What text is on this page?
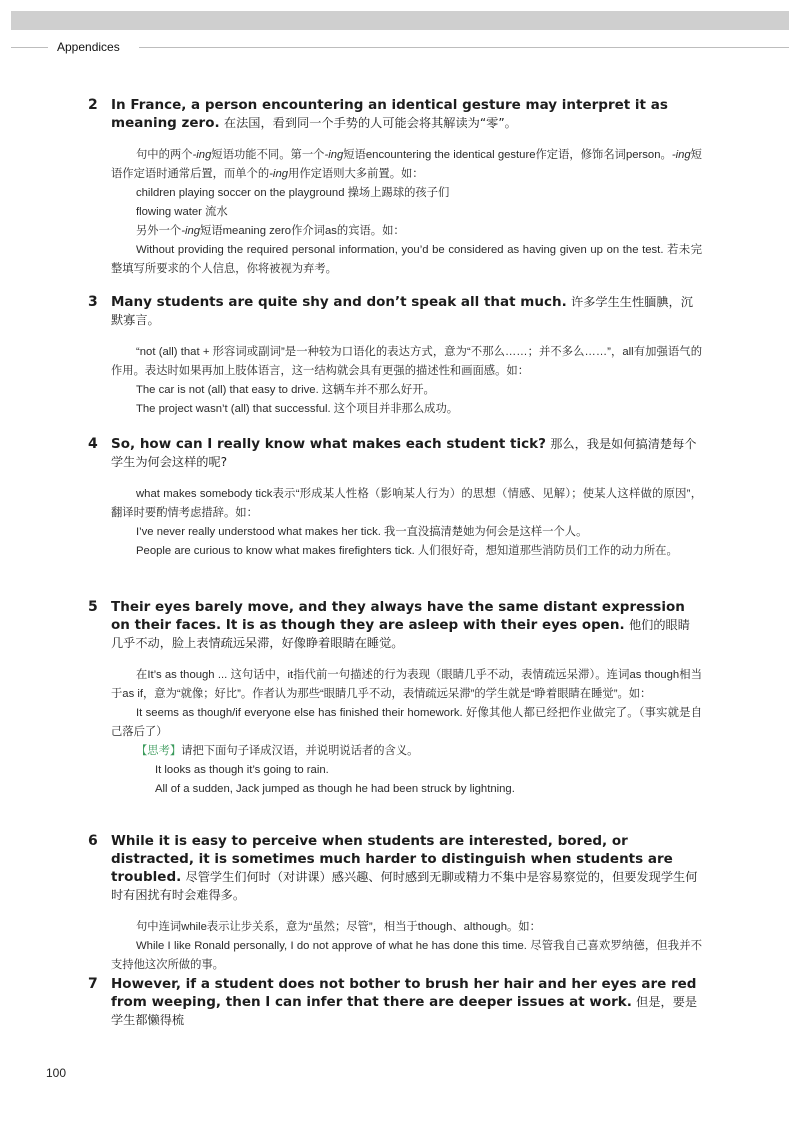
Appendices
2 In France, a person encountering an identical gesture may interpret it as meaning zero. 在法国，看到同一个手势的人可能会将其解读为“零”。

句中的两个-ing短语功能不同。第一个-ing短语encountering the identical gesture作定语，修饰名词person。-ing短语作定语时通常后置，而单个的-ing用作定语则大多前置。如：

children playing soccer on the playground 操场上踢球的孩子们

flowing water 流水

另外一个-ing短语meaning zero作介词as的宾语。如：

Without providing the required personal information, you’d be considered as having given up on the test. 若未完整填写所要求的个人信息，你将被视为弃考。

3 Many students are quite shy and don’t speak all that much. 许多学生生性腼腆，沉默寡言。

“not (all) that + 形容词或副词”是一种较为口语化的表达方式，意为“不那么……；并不多么……”，all有加强语气的作用。表达时如果再加上肢体语言，这一结构就会具有更强的描述性和画面感。如：

The car is not (all) that easy to drive. 这辆车并不那么好开。

The project wasn’t (all) that successful. 这个项目并非那么成功。

4 So, how can I really know what makes each student tick? 那么，我是如何搞清楚每个学生为何会这样的呢?

what makes somebody tick表示“形成某人性格（影响某人行为）的思想（情感、见解）；使某人这样做的原因”，翻译时要酌情考虑措辞。如：

I’ve never really understood what makes her tick. 我一直没搞清楚她为何会是这样一个人。

People are curious to know what makes firefighters tick. 人们很好奇，想知道那些消防员们工作的动力所在。

5 Their eyes barely move, and they always have the same distant expression on their faces. It is as though they are asleep with their eyes open. 他们的眼睛几乎不动，脸上表情疏远呆滞，好像睁着眼睛在睡觉。

在It’s as though ... 这句话中，it指代前一句描述的行为表现（眼睛几乎不动，表情疏远呆滞）。连词as though相当于as if，意为“就像；好比”。作者认为那些“眼睛几乎不动，表情疏远呆滞”的学生就是“睁着眼睛在睡觉”。如：

It seems as though/if everyone else has finished their homework. 好像其他人都已经把作业做完了。（事实就是自己落后了）

【思考】请把下面句子译成汉语，并说明说话者的含义。

It looks as though it’s going to rain.

All of a sudden, Jack jumped as though he had been struck by lightning.

6 While it is easy to perceive when students are interested, bored, or distracted, it is sometimes much harder to distinguish when students are troubled. 尽管学生们何时（对讲课）感兴趣、何时感到无聊或精力不集中是容易察觉的，但要发现学生何时有困扰有时会难得多。

句中连词while表示让步关系，意为“虽然；尽管”，相当于though、although。如：

While I like Ronald personally, I do not approve of what he has done this time. 尽管我自己喜欢罗纳德，但我并不支持他这次所做的事。

7 However, if a student does not bother to brush her hair and her eyes are red from weeping, then I can infer that there are deeper issues at work. 但是，要是学生都懒得梳
100
